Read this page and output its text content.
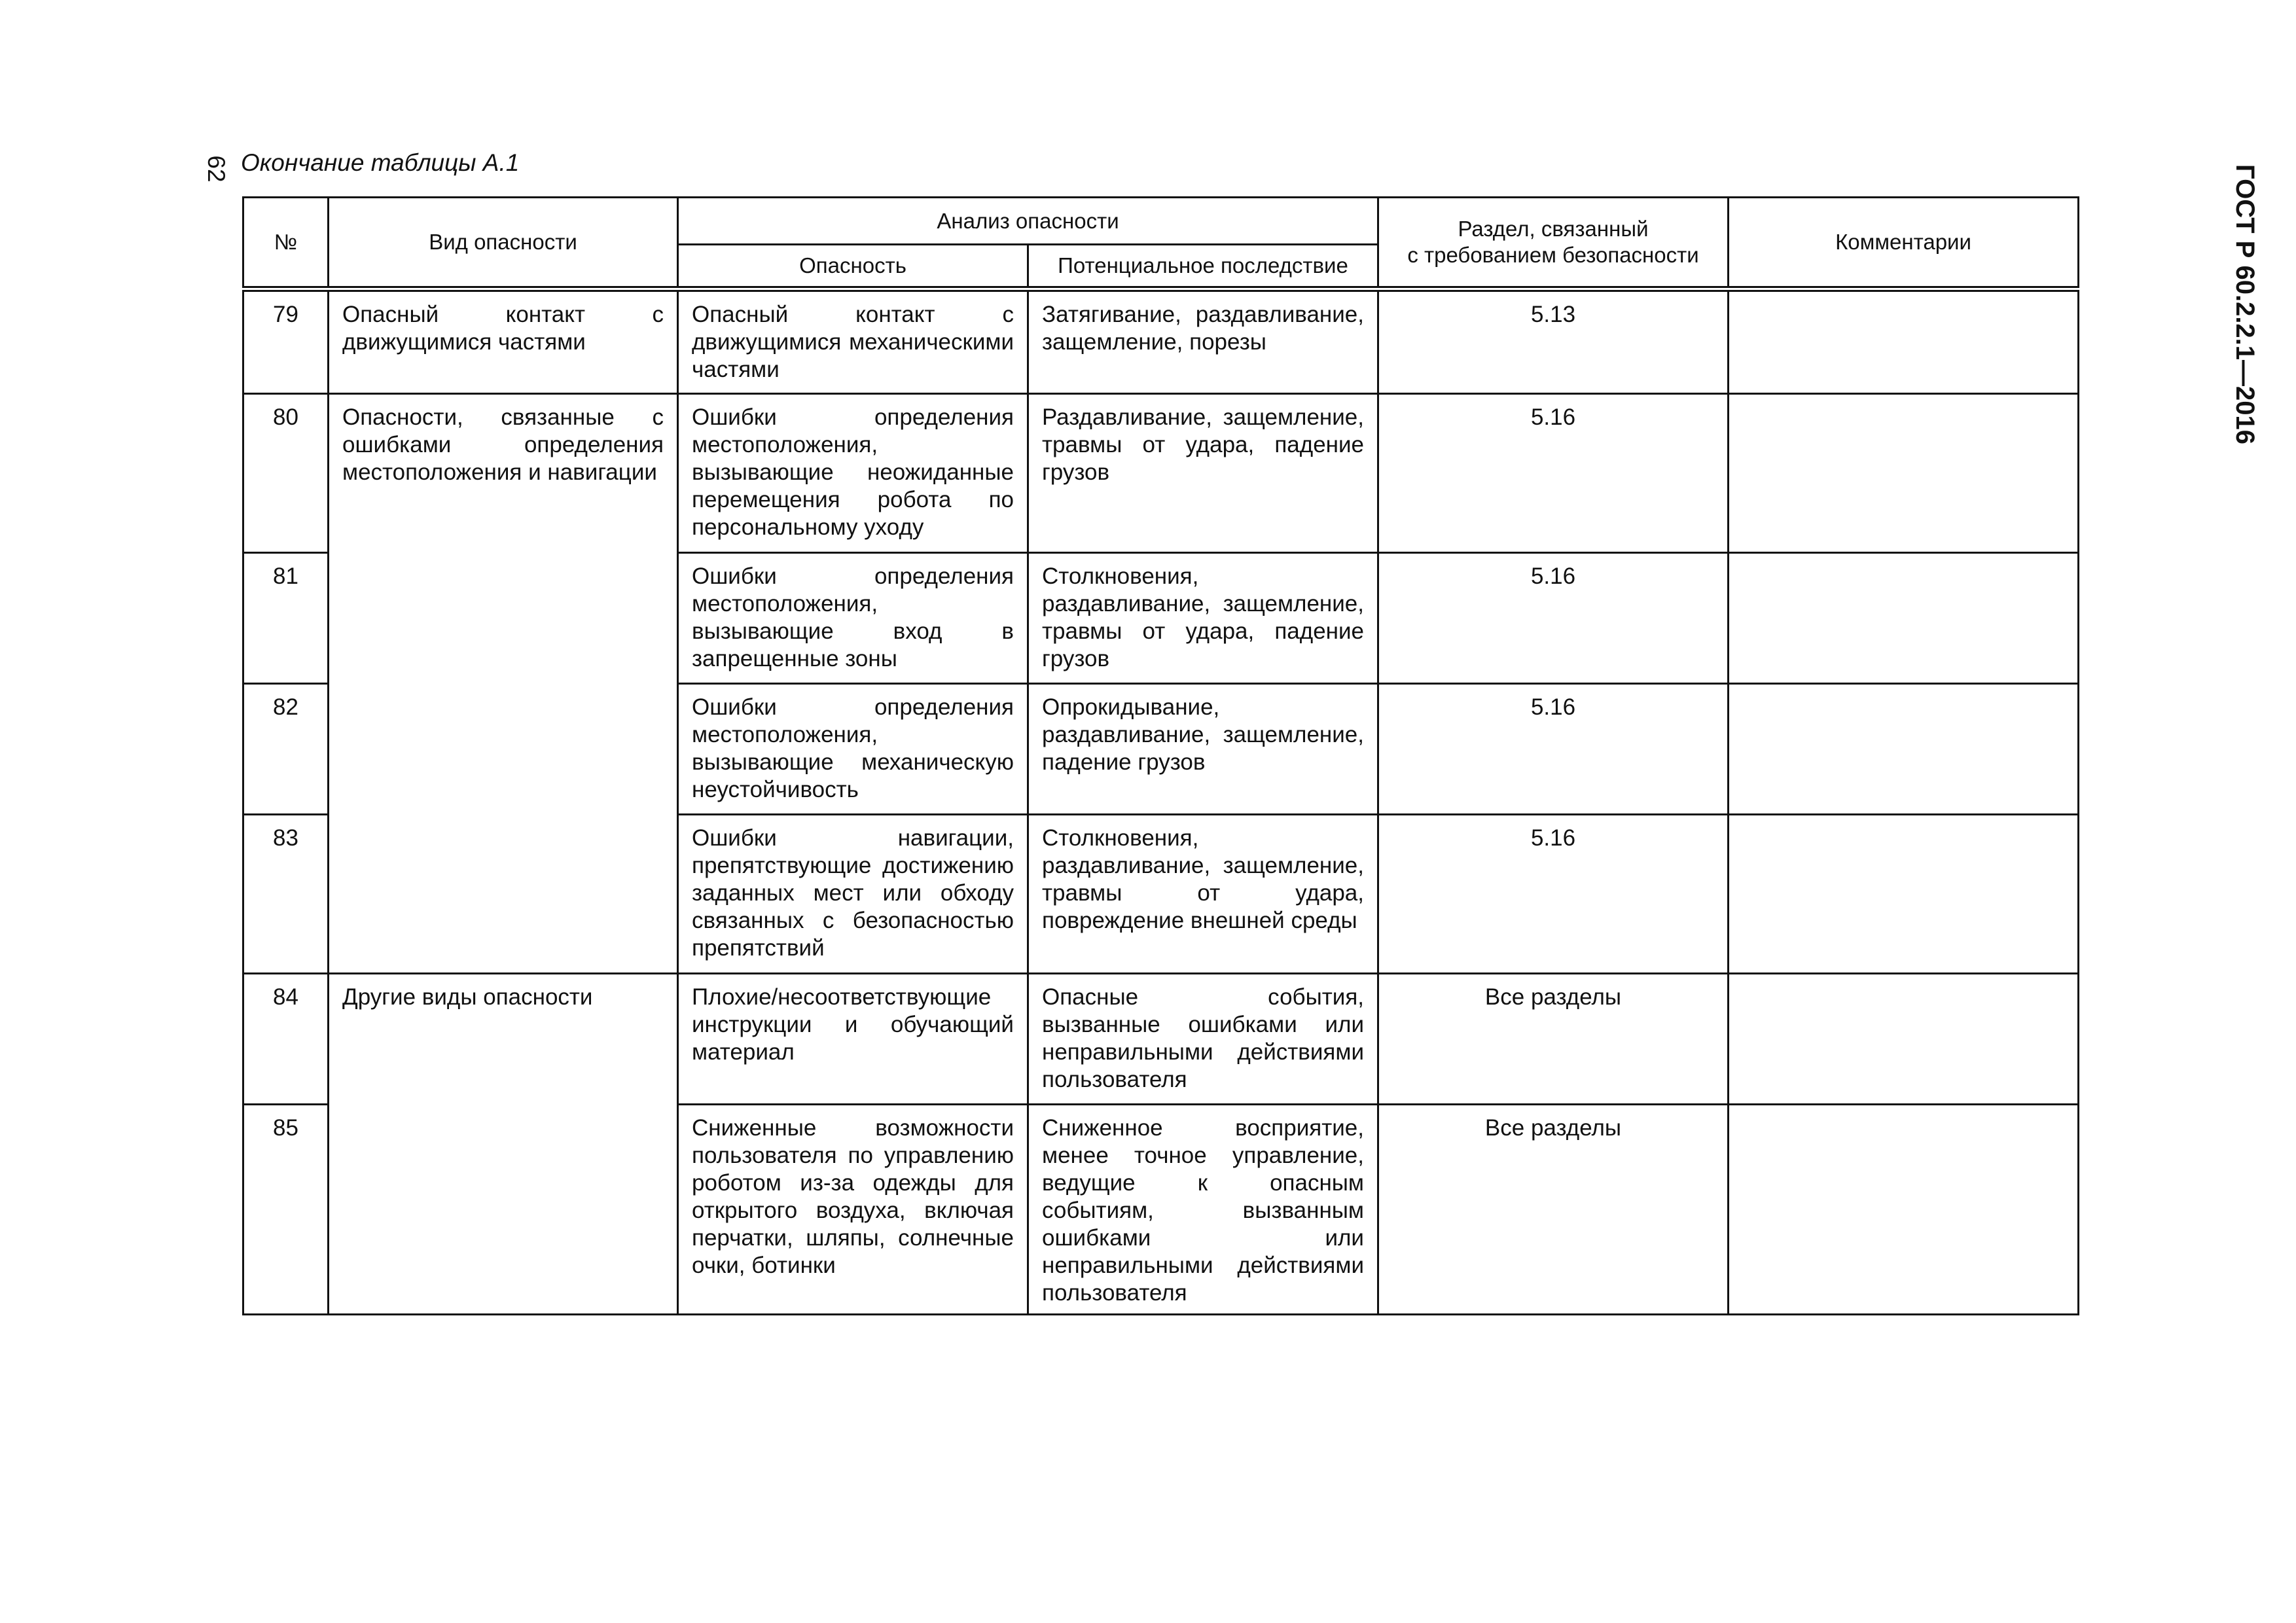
62 Окончание таблицы А.1
ГОСТ Р 60.2.2.1—2016
№	Вид опасности	Анализ опасности		Раздел, связанный
с требованием безопасности	Комментарии
		Опасность	Потенциальное последствие		
79	Опасный контакт с движущимися частями	Опасный контакт с движущимися механическими частями	Затягивание, раздавливание, защемление, порезы	5.13	
80	Опасности, связанные с ошибками определения местоположения и навигации	Ошибки определения местоположения, вызывающие неожиданные перемещения робота по персональному уходу	Раздавливание, защемление, травмы от удара, падение грузов	5.16	
81		Ошибки определения местоположения, вызывающие вход в запрещенные зоны	Столкновения, раздавливание, защемление, травмы от удара, падение грузов	5.16	
82		Ошибки определения местоположения, вызывающие механическую неустойчивость	Опрокидывание, раздавливание, защемление, падение грузов	5.16	
83		Ошибки навигации, препятствующие достижению заданных мест или обходу связанных с безопасностью препятствий	Столкновения, раздавливание, защемление, травмы от удара, повреждение внешней среды	5.16	
84	Другие виды опасности	Плохие/несоответствующие инструкции и обучающий материал	Опасные события, вызванные ошибками или неправильными действиями пользователя	Все разделы	
85		Сниженные возможности пользователя по управлению роботом из-за одежды для открытого воздуха, включая перчатки, шляпы, солнечные очки, ботинки	Сниженное восприятие, менее точное управление, ведущие к опасным событиям, вызванным ошибками или неправильными действиями пользователя	Все разделы	
